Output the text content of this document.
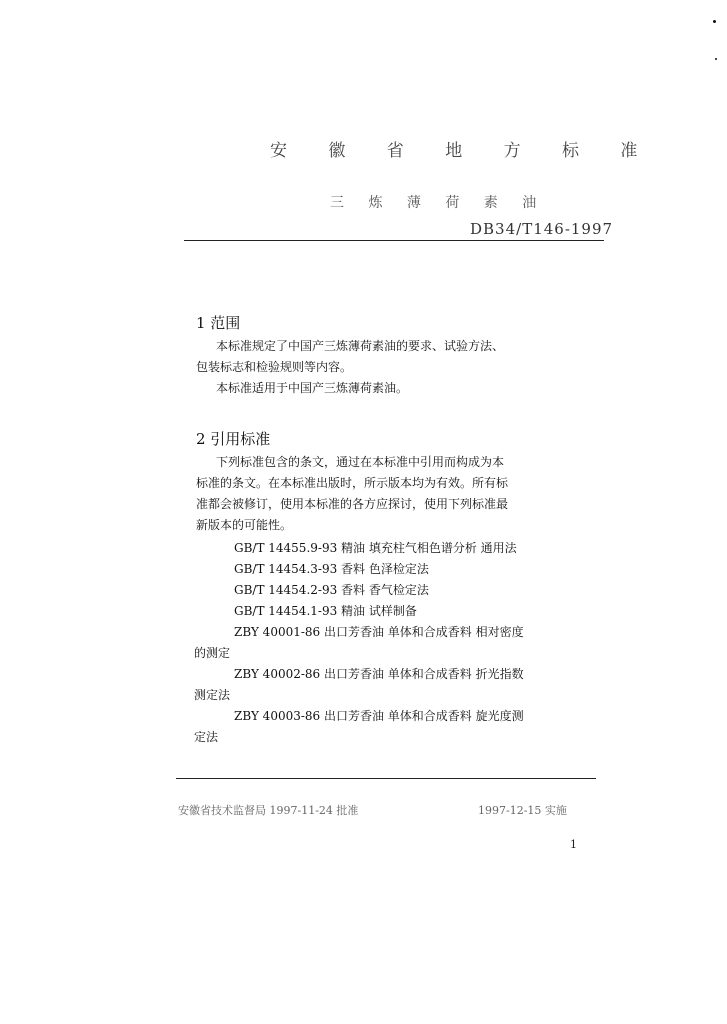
安 徽 省 地 方 标 准
三 炼 薄 荷 素 油
DB34/T146-1997
1 范围
本标准规定了中国产三炼薄荷素油的要求、试验方法、
包装标志和检验规则等内容。
本标准适用于中国产三炼薄荷素油。
2 引用标准
下列标准包含的条文，通过在本标准中引用而构成为本
标准的条文。在本标准出版时，所示版本均为有效。所有标
准都会被修订，使用本标准的各方应探讨，使用下列标准最
新版本的可能性。
GB/T 14455.9-93 精油 填充柱气相色谱分析 通用法
GB/T 14454.3-93 香料 色泽检定法
GB/T 14454.2-93 香料 香气检定法
GB/T 14454.1-93 精油 试样制备
ZBY 40001-86 出口芳香油 单体和合成香料 相对密度
的测定
ZBY 40002-86 出口芳香油 单体和合成香料 折光指数
测定法
ZBY 40003-86 出口芳香油 单体和合成香料 旋光度测
定法
安徽省技术监督局 1997-11-24 批准	1997-12-15 实施
1
